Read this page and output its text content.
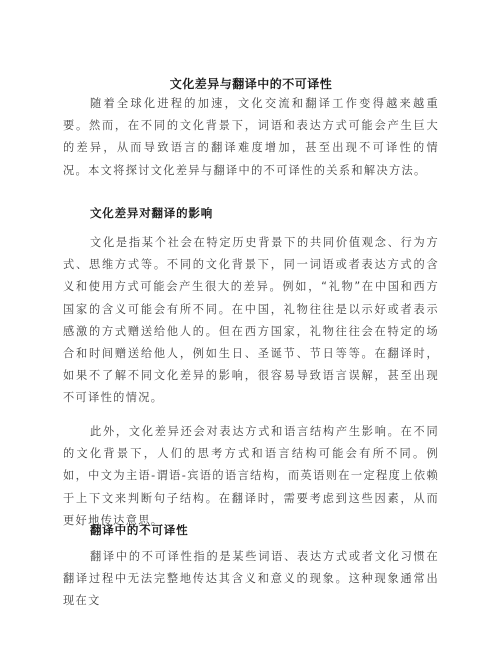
文化差异与翻译中的不可译性

随着全球化进程的加速，文化交流和翻译工作变得越来越重要。然而，在不同的文化背景下，词语和表达方式可能会产生巨大的差异，从而导致语言的翻译难度增加，甚至出现不可译性的情况。本文将探讨文化差异与翻译中的不可译性的关系和解决方法。

文化差异对翻译的影响

文化是指某个社会在特定历史背景下的共同价值观念、行为方式、思维方式等。不同的文化背景下，同一词语或者表达方式的含义和使用方式可能会产生很大的差异。例如，“礼物”在中国和西方国家的含义可能会有所不同。在中国，礼物往往是以示好或者表示感激的方式赠送给他人的。但在西方国家，礼物往往会在特定的场合和时间赠送给他人，例如生日、圣诞节、节日等等。在翻译时，如果不了解不同文化差异的影响，很容易导致语言误解，甚至出现不可译性的情况。

此外，文化差异还会对表达方式和语言结构产生影响。在不同的文化背景下，人们的思考方式和语言结构可能会有所不同。例如，中文为主语-谓语-宾语的语言结构，而英语则在一定程度上依赖于上下文来判断句子结构。在翻译时，需要考虑到这些因素，从而更好地传达意思。

翻译中的不可译性

翻译中的不可译性指的是某些词语、表达方式或者文化习惯在翻译过程中无法完整地传达其含义和意义的现象。这种现象通常出现在文
